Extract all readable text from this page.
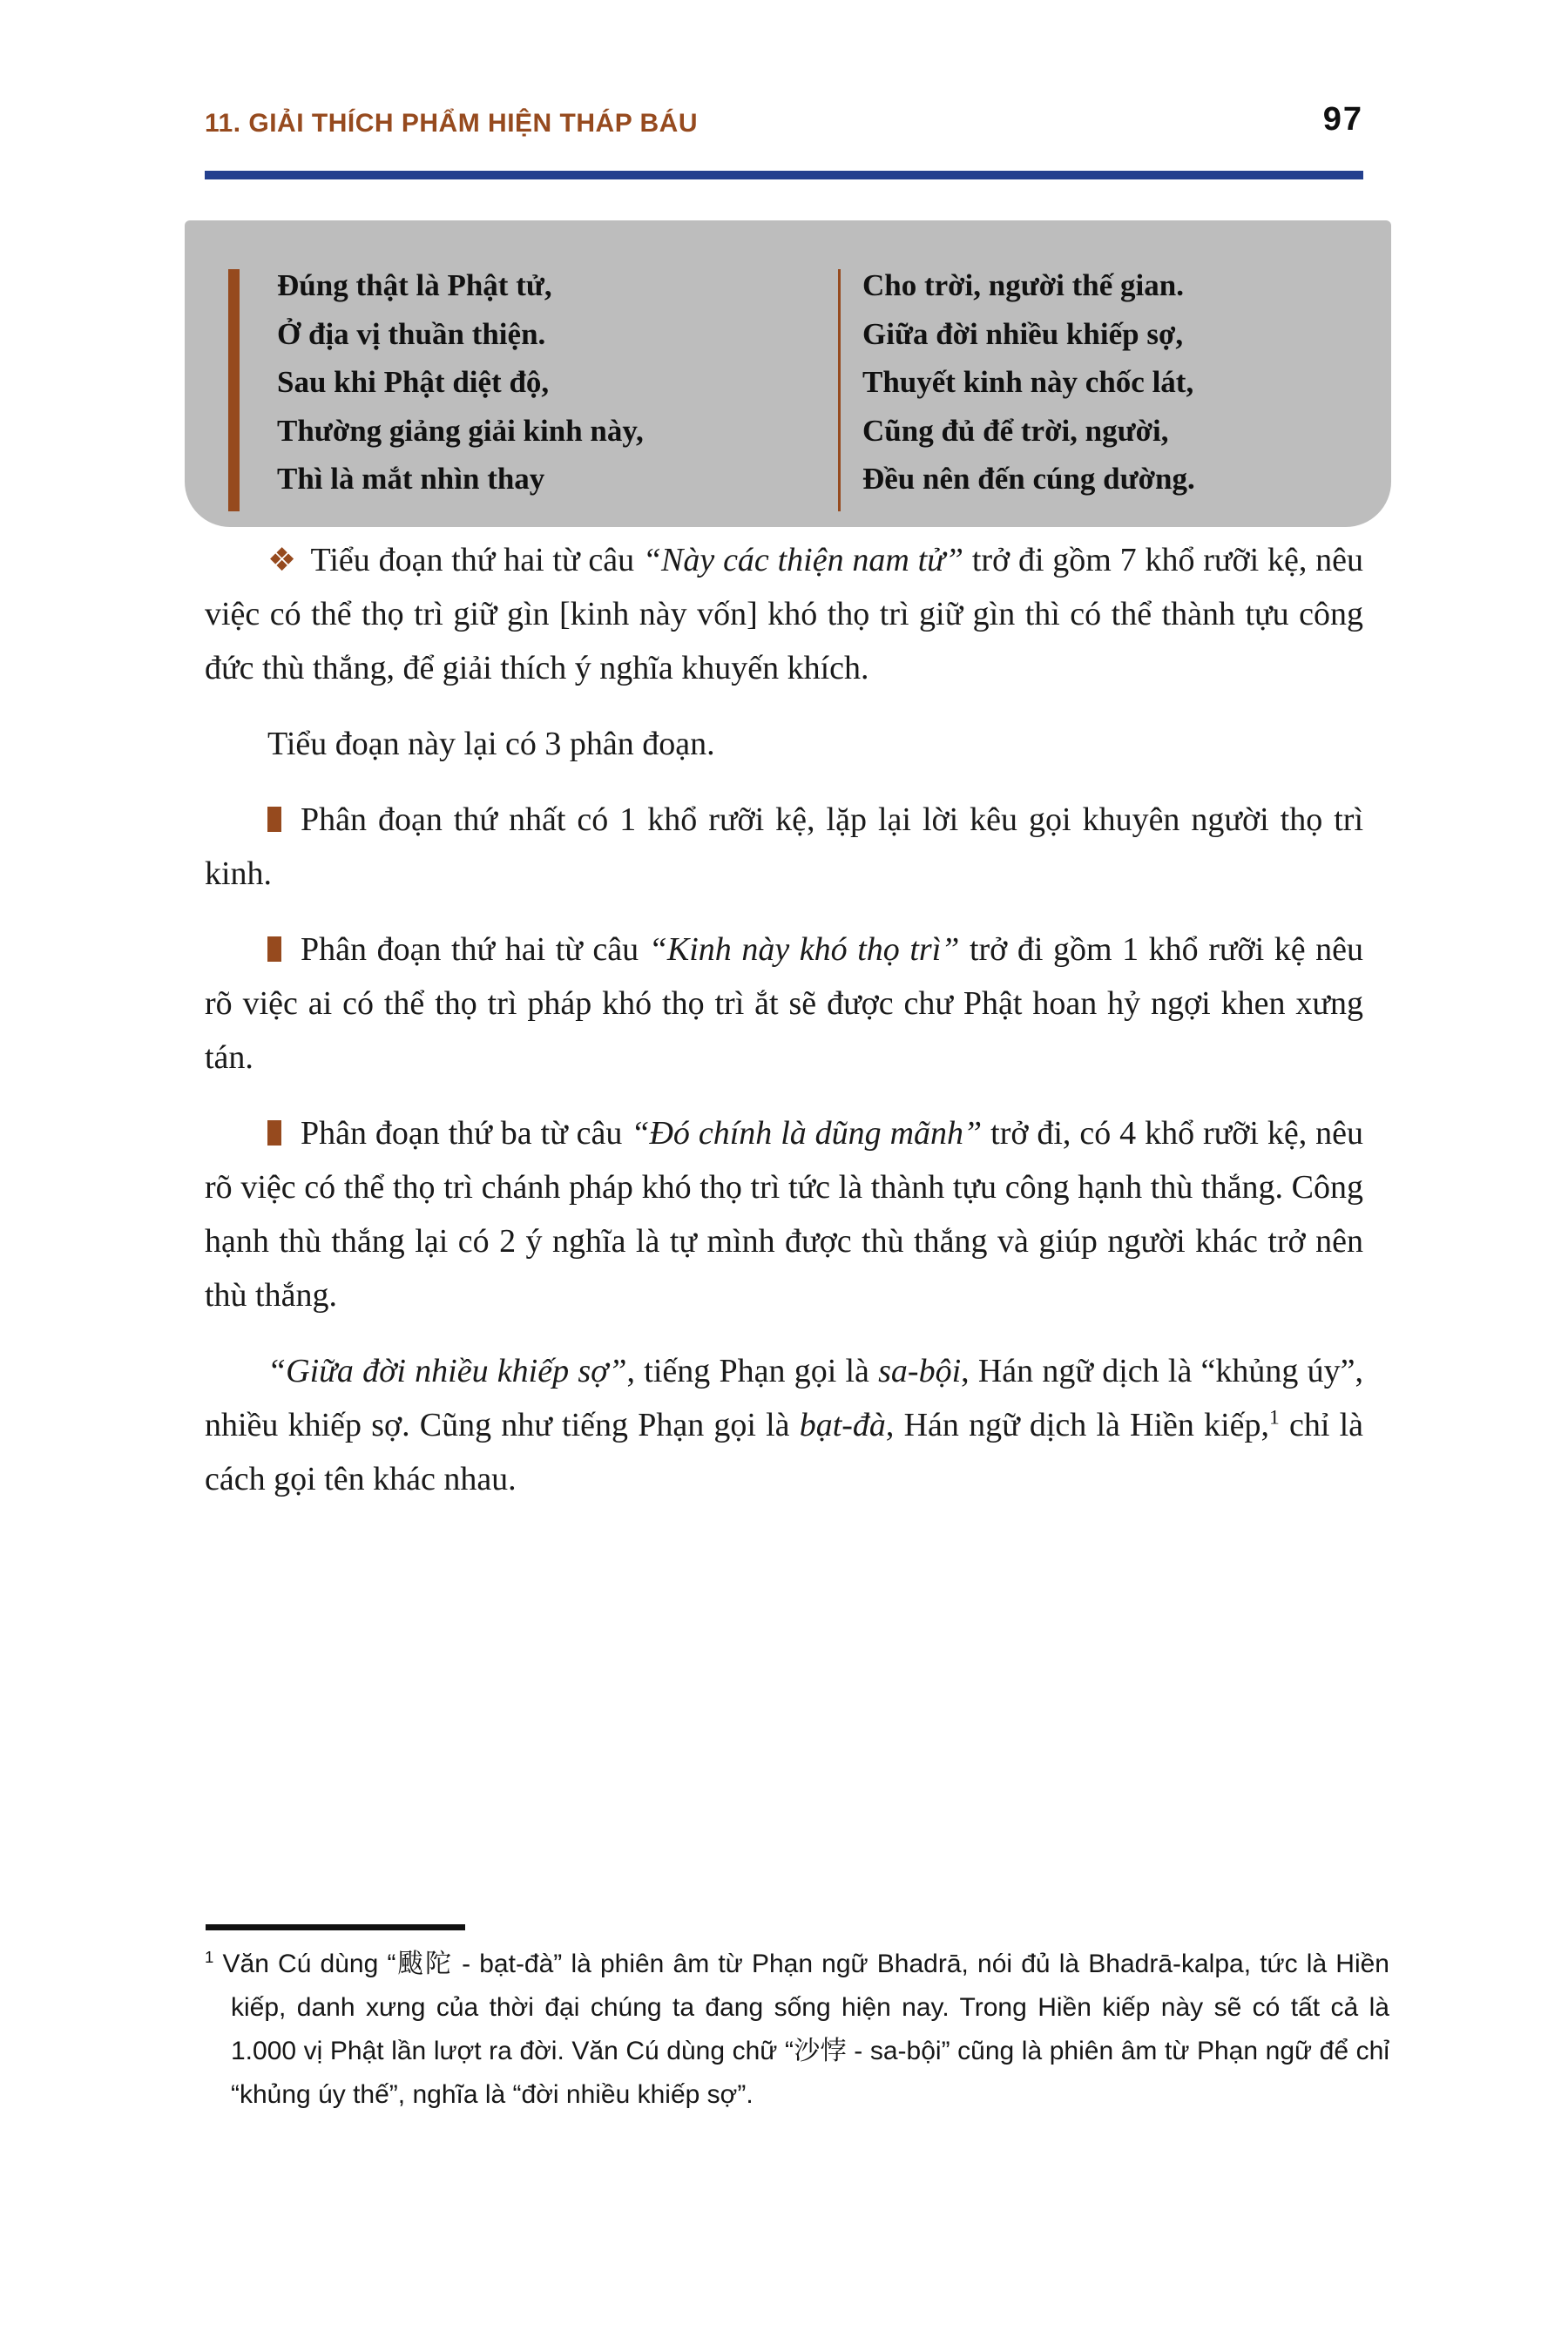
11. GIẢI THÍCH PHẨM HIỆN THÁP BÁU	97
Đúng thật là Phật tử,
Ở địa vị thuần thiện.
Sau khi Phật diệt độ,
Thường giảng giải kinh này,
Thì là mắt nhìn thay
Cho trời, người thế gian.
Giữa đời nhiều khiếp sợ,
Thuyết kinh này chốc lát,
Cũng đủ để trời, người,
Đều nên đến cúng dường.

❖ Tiểu đoạn thứ hai từ câu “Này các thiện nam tử” trở đi gồm 7 khổ rưỡi kệ, nêu việc có thể thọ trì giữ gìn [kinh này vốn] khó thọ trì giữ gìn thì có thể thành tựu công đức thù thắng, để giải thích ý nghĩa khuyến khích.

Tiểu đoạn này lại có 3 phân đoạn.

Phân đoạn thứ nhất có 1 khổ rưỡi kệ, lặp lại lời kêu gọi khuyên người thọ trì kinh.

Phân đoạn thứ hai từ câu “Kinh này khó thọ trì” trở đi gồm 1 khổ rưỡi kệ nêu rõ việc ai có thể thọ trì pháp khó thọ trì ắt sẽ được chư Phật hoan hỷ ngợi khen xưng tán.

Phân đoạn thứ ba từ câu “Đó chính là dũng mãnh” trở đi, có 4 khổ rưỡi kệ, nêu rõ việc có thể thọ trì chánh pháp khó thọ trì tức là thành tựu công hạnh thù thắng. Công hạnh thù thắng lại có 2 ý nghĩa là tự mình được thù thắng và giúp người khác trở nên thù thắng.

“Giữa đời nhiều khiếp sợ”, tiếng Phạn gọi là sa-bội, Hán ngữ dịch là “khủng úy”, nhiều khiếp sợ. Cũng như tiếng Phạn gọi là bạt-đà, Hán ngữ dịch là Hiền kiếp,$^1$ chỉ là cách gọi tên khác nhau.

$^1$ Văn Cú dùng “颰陀 - bạt-đà” là phiên âm từ Phạn ngữ Bhadrā, nói đủ là Bhadrā-kalpa, tức là Hiền kiếp, danh xưng của thời đại chúng ta đang sống hiện nay. Trong Hiền kiếp này sẽ có tất cả là 1.000 vị Phật lần lượt ra đời. Văn Cú dùng chữ “沙悖 - sa-bội” cũng là phiên âm từ Phạn ngữ để chỉ “khủng úy thế”, nghĩa là “đời nhiều khiếp sợ”.
